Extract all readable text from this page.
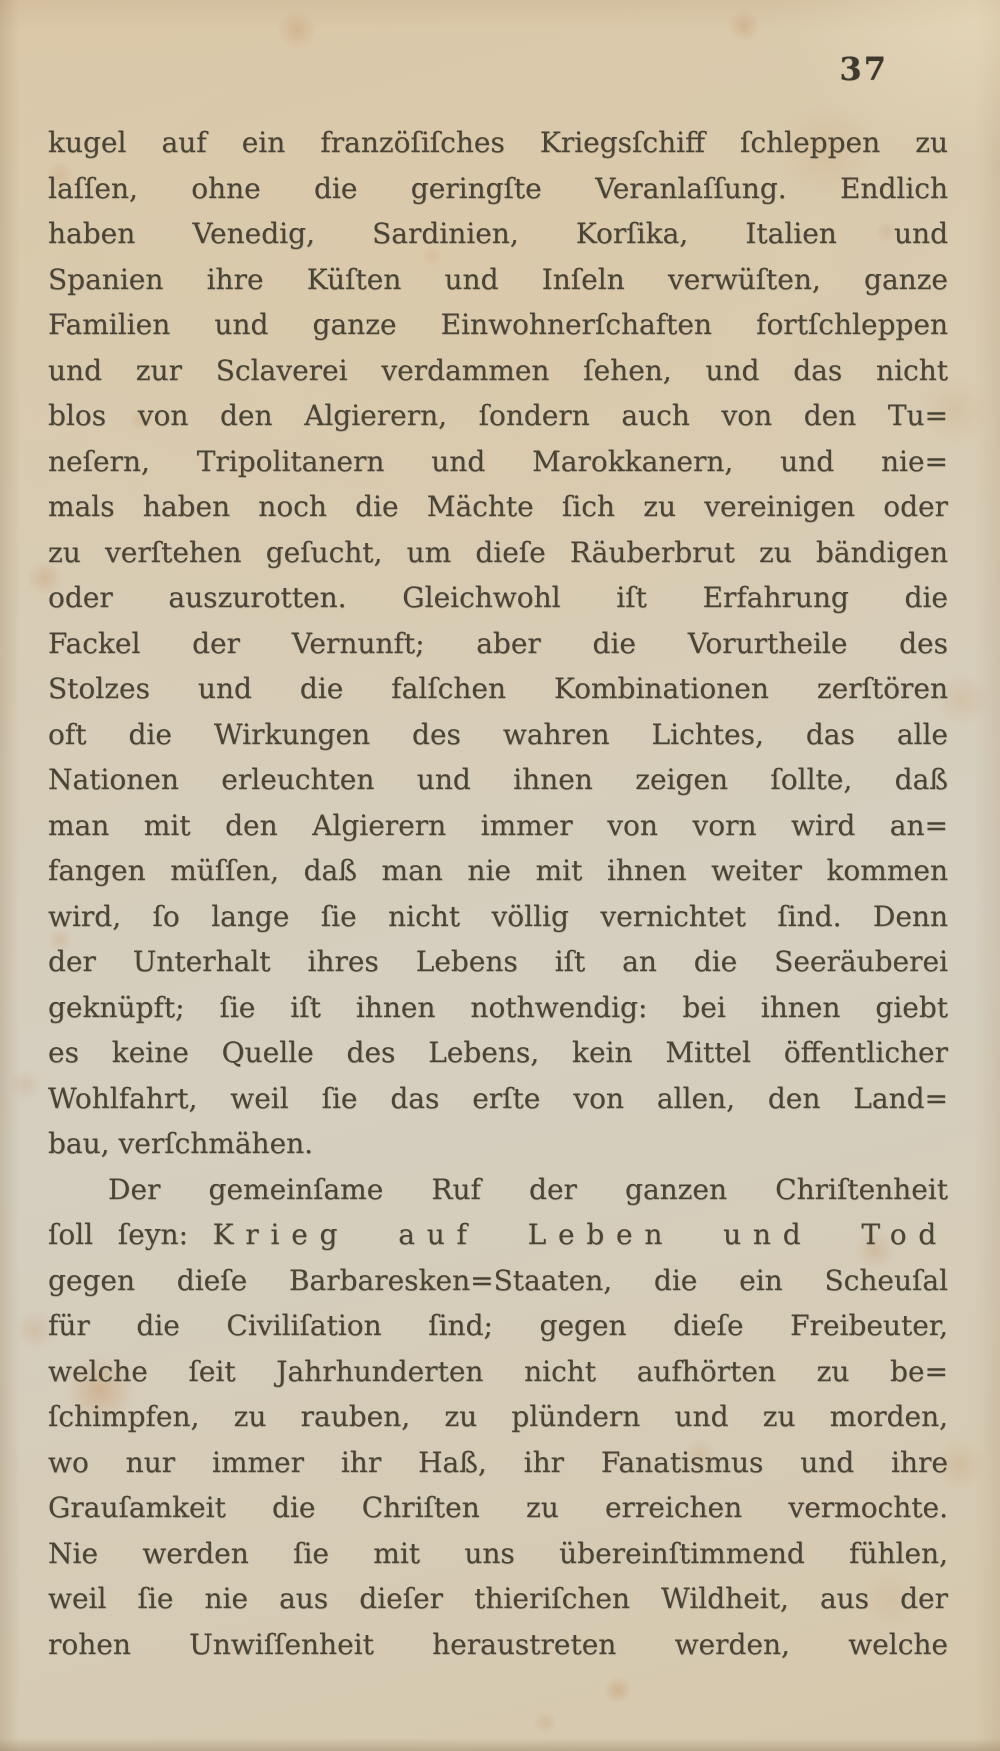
37
kugel auf ein franzöſiſches Kriegsſchiff ſchleppen zu
laſſen, ohne die geringſte Veranlaſſung. Endlich
haben Venedig, Sardinien, Korſika, Italien und
Spanien ihre Küſten und Inſeln verwüſten, ganze
Familien und ganze Einwohnerſchaften fortſchleppen
und zur Sclaverei verdammen ſehen, und das nicht
blos von den Algierern, ſondern auch von den Tu=
neſern, Tripolitanern und Marokkanern, und nie=
mals haben noch die Mächte ſich zu vereinigen oder
zu verſtehen geſucht, um dieſe Räuberbrut zu bändigen
oder auszurotten. Gleichwohl iſt Erfahrung die
Fackel der Vernunft; aber die Vorurtheile des
Stolzes und die falſchen Kombinationen zerſtören
oft die Wirkungen des wahren Lichtes, das alle
Nationen erleuchten und ihnen zeigen ſollte, daß
man mit den Algierern immer von vorn wird an=
fangen müſſen, daß man nie mit ihnen weiter kommen
wird, ſo lange ſie nicht völlig vernichtet ſind. Denn
der Unterhalt ihres Lebens iſt an die Seeräuberei
geknüpft; ſie iſt ihnen nothwendig: bei ihnen giebt
es keine Quelle des Lebens, kein Mittel öffentlicher
Wohlfahrt, weil ſie das erſte von allen, den Land=
bau, verſchmähen.
Der gemeinſame Ruf der ganzen Chriſtenheit
ſoll ſeyn: Krieg auf Leben und Tod
gegen dieſe Barbaresken=Staaten, die ein Scheuſal
für die Civiliſation ſind; gegen dieſe Freibeuter,
welche ſeit Jahrhunderten nicht aufhörten zu be=
ſchimpfen, zu rauben, zu plündern und zu morden,
wo nur immer ihr Haß, ihr Fanatismus und ihre
Grauſamkeit die Chriſten zu erreichen vermochte.
Nie werden ſie mit uns übereinſtimmend fühlen,
weil ſie nie aus dieſer thieriſchen Wildheit, aus der
rohen Unwiſſenheit heraustreten werden, welche
